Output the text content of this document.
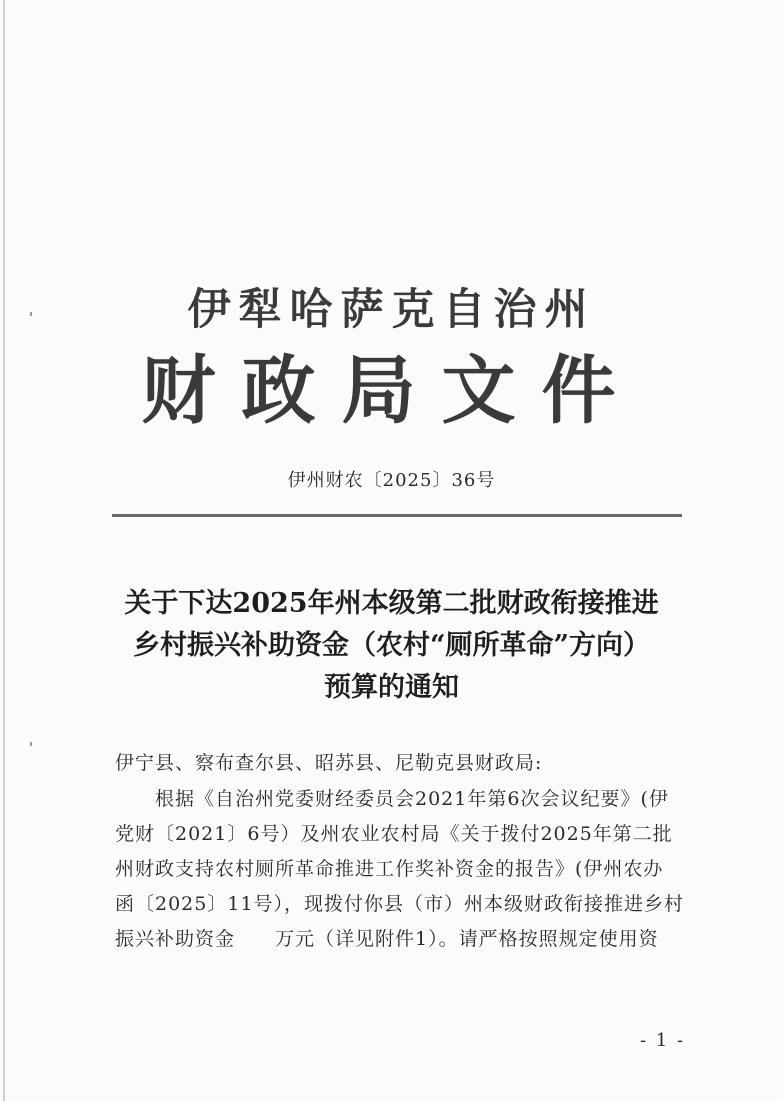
伊犁哈萨克自治州
财政局文件
伊州财农〔2025〕36号
关于下达2025年州本级第二批财政衔接推进
乡村振兴补助资金（农村“厕所革命”方向）
预算的通知
伊宁县、察布查尔县、昭苏县、尼勒克县财政局:
根据《自治州党委财经委员会2021年第6次会议纪要》(伊
党财〔2021〕6号）及州农业农村局《关于拨付2025年第二批
州财政支持农村厕所革命推进工作奖补资金的报告》(伊州农办
函〔2025〕11号），现拨付你县（市）州本级财政衔接推进乡村
振兴补助资金　　万元（详见附件1）。请严格按照规定使用资
- 1 -
